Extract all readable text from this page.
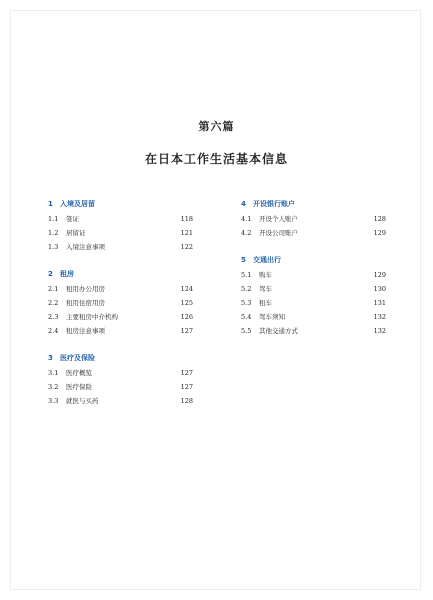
第六篇
在日本工作生活基本信息
1	入境及居留
1.1	签证	118
1.2	居留证	121
1.3	入境注意事项	122
2	租房
2.1	租用办公用房	124
2.2	租用住宿用房	125
2.3	主要租房中介机构	126
2.4	租房注意事项	127
3	医疗及保险
3.1	医疗概览	127
3.2	医疗保险	127
3.3	就医与买药	128
4	开设银行账户
4.1	开设个人账户	128
4.2	开设公司账户	129
5	交通出行
5.1	购车	129
5.2	驾车	130
5.3	租车	131
5.4	驾车须知	132
5.5	其他交通方式	132
